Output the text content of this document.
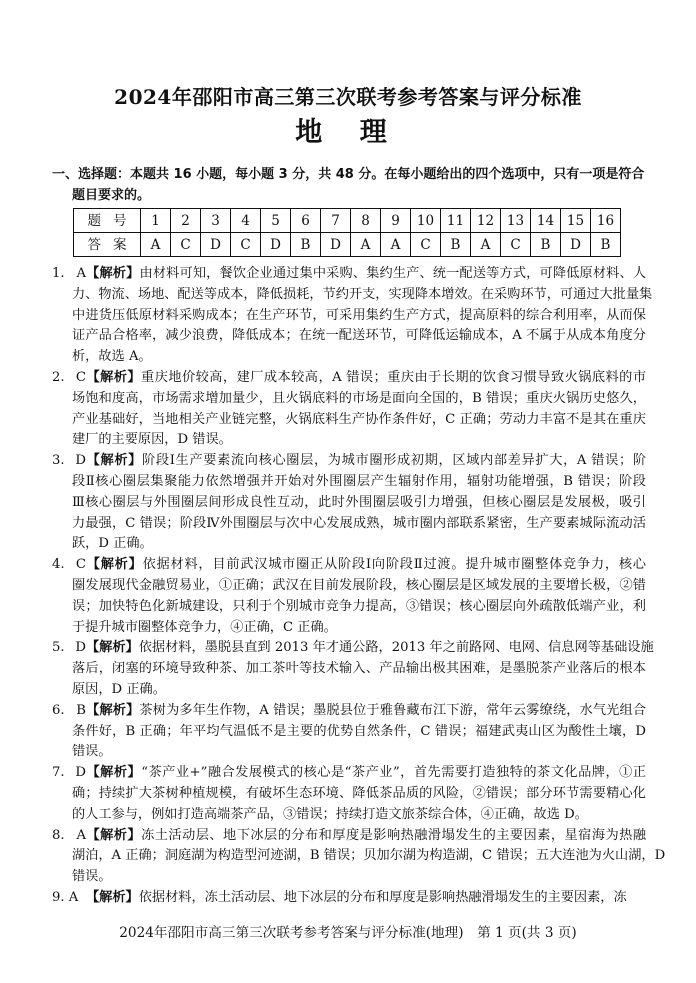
2024年邵阳市高三第三次联考参考答案与评分标准
地 理
一、选择题：本题共 16 小题，每小题 3 分，共 48 分。在每小题给出的四个选项中，只有一项是符合
题目要求的。
题号	1	2	3	4	5	6	7	8	9	10	11	12	13	14	15	16
答案	A	C	D	C	D	B	D	A	A	C	B	A	C	B	D	B
1. A【解析】由材料可知，餐饮企业通过集中采购、集约生产、统一配送等方式，可降低原材料、人
力、物流、场地、配送等成本，降低损耗，节约开支，实现降本增效。在采购环节，可通过大批量集
中进货压低原材料采购成本；在生产环节，可采用集约生产方式，提高原料的综合利用率，从而保
证产品合格率，减少浪费，降低成本；在统一配送环节，可降低运输成本，A 不属于从成本角度分
析，故选 A。
2. C【解析】重庆地价较高，建厂成本较高，A 错误；重庆由于长期的饮食习惯导致火锅底料的市
场饱和度高，市场需求增加量少，且火锅底料的市场是面向全国的，B 错误；重庆火锅历史悠久，
产业基础好，当地相关产业链完整，火锅底料生产协作条件好，C 正确；劳动力丰富不是其在重庆
建厂的主要原因，D 错误。
3. D【解析】阶段Ⅰ生产要素流向核心圈层，为城市圈形成初期，区域内部差异扩大，A 错误；阶
段Ⅱ核心圈层集聚能力依然增强并开始对外围圈层产生辐射作用，辐射功能增强，B 错误；阶段
Ⅲ核心圈层与外围圈层间形成良性互动，此时外围圈层吸引力增强，但核心圈层是发展极，吸引
力最强，C 错误；阶段Ⅳ外围圈层与次中心发展成熟，城市圈内部联系紧密，生产要素城际流动活
跃，D 正确。
4. C【解析】依据材料，目前武汉城市圈正从阶段Ⅰ向阶段Ⅱ过渡。提升城市圈整体竞争力，核心
圈发展现代金融贸易业，①正确；武汉在目前发展阶段，核心圈层是区域发展的主要增长极，②错
误；加快特色化新城建设，只利于个别城市竞争力提高，③错误；核心圈层向外疏散低端产业，利
于提升城市圈整体竞争力，④正确，C 正确。
5. D【解析】依据材料，墨脱县直到 2013 年才通公路，2013 年之前路网、电网、信息网等基础设施
落后，闭塞的环境导致种茶、加工茶叶等技术输入、产品输出极其困难，是墨脱茶产业落后的根本
原因，D 正确。
6. B【解析】茶树为多年生作物，A 错误；墨脱县位于雅鲁藏布江下游，常年云雾缭绕，水气光组合
条件好，B 正确；年平均气温低不是主要的优势自然条件，C 错误；福建武夷山区为酸性土壤，D
错误。
7. D【解析】“茶产业+”融合发展模式的核心是“茶产业”，首先需要打造独特的茶文化品牌，①正
确；持续扩大茶树种植规模，有破坏生态环境、降低茶品质的风险，②错误；部分环节需要精心化
的人工参与，例如打造高端茶产品，③错误；持续打造文旅茶综合体，④正确，故选 D。
8. A【解析】冻土活动层、地下冰层的分布和厚度是影响热融滑塌发生的主要因素，星宿海为热融
湖泊，A 正确；洞庭湖为构造型河迹湖，B 错误；贝加尔湖为构造湖，C 错误；五大连池为火山湖，D
错误。
9. A 【解析】依据材料，冻土活动层、地下冰层的分布和厚度是影响热融滑塌发生的主要因素，冻
2024年邵阳市高三第三次联考参考答案与评分标准(地理)　第 1 页(共 3 页)
